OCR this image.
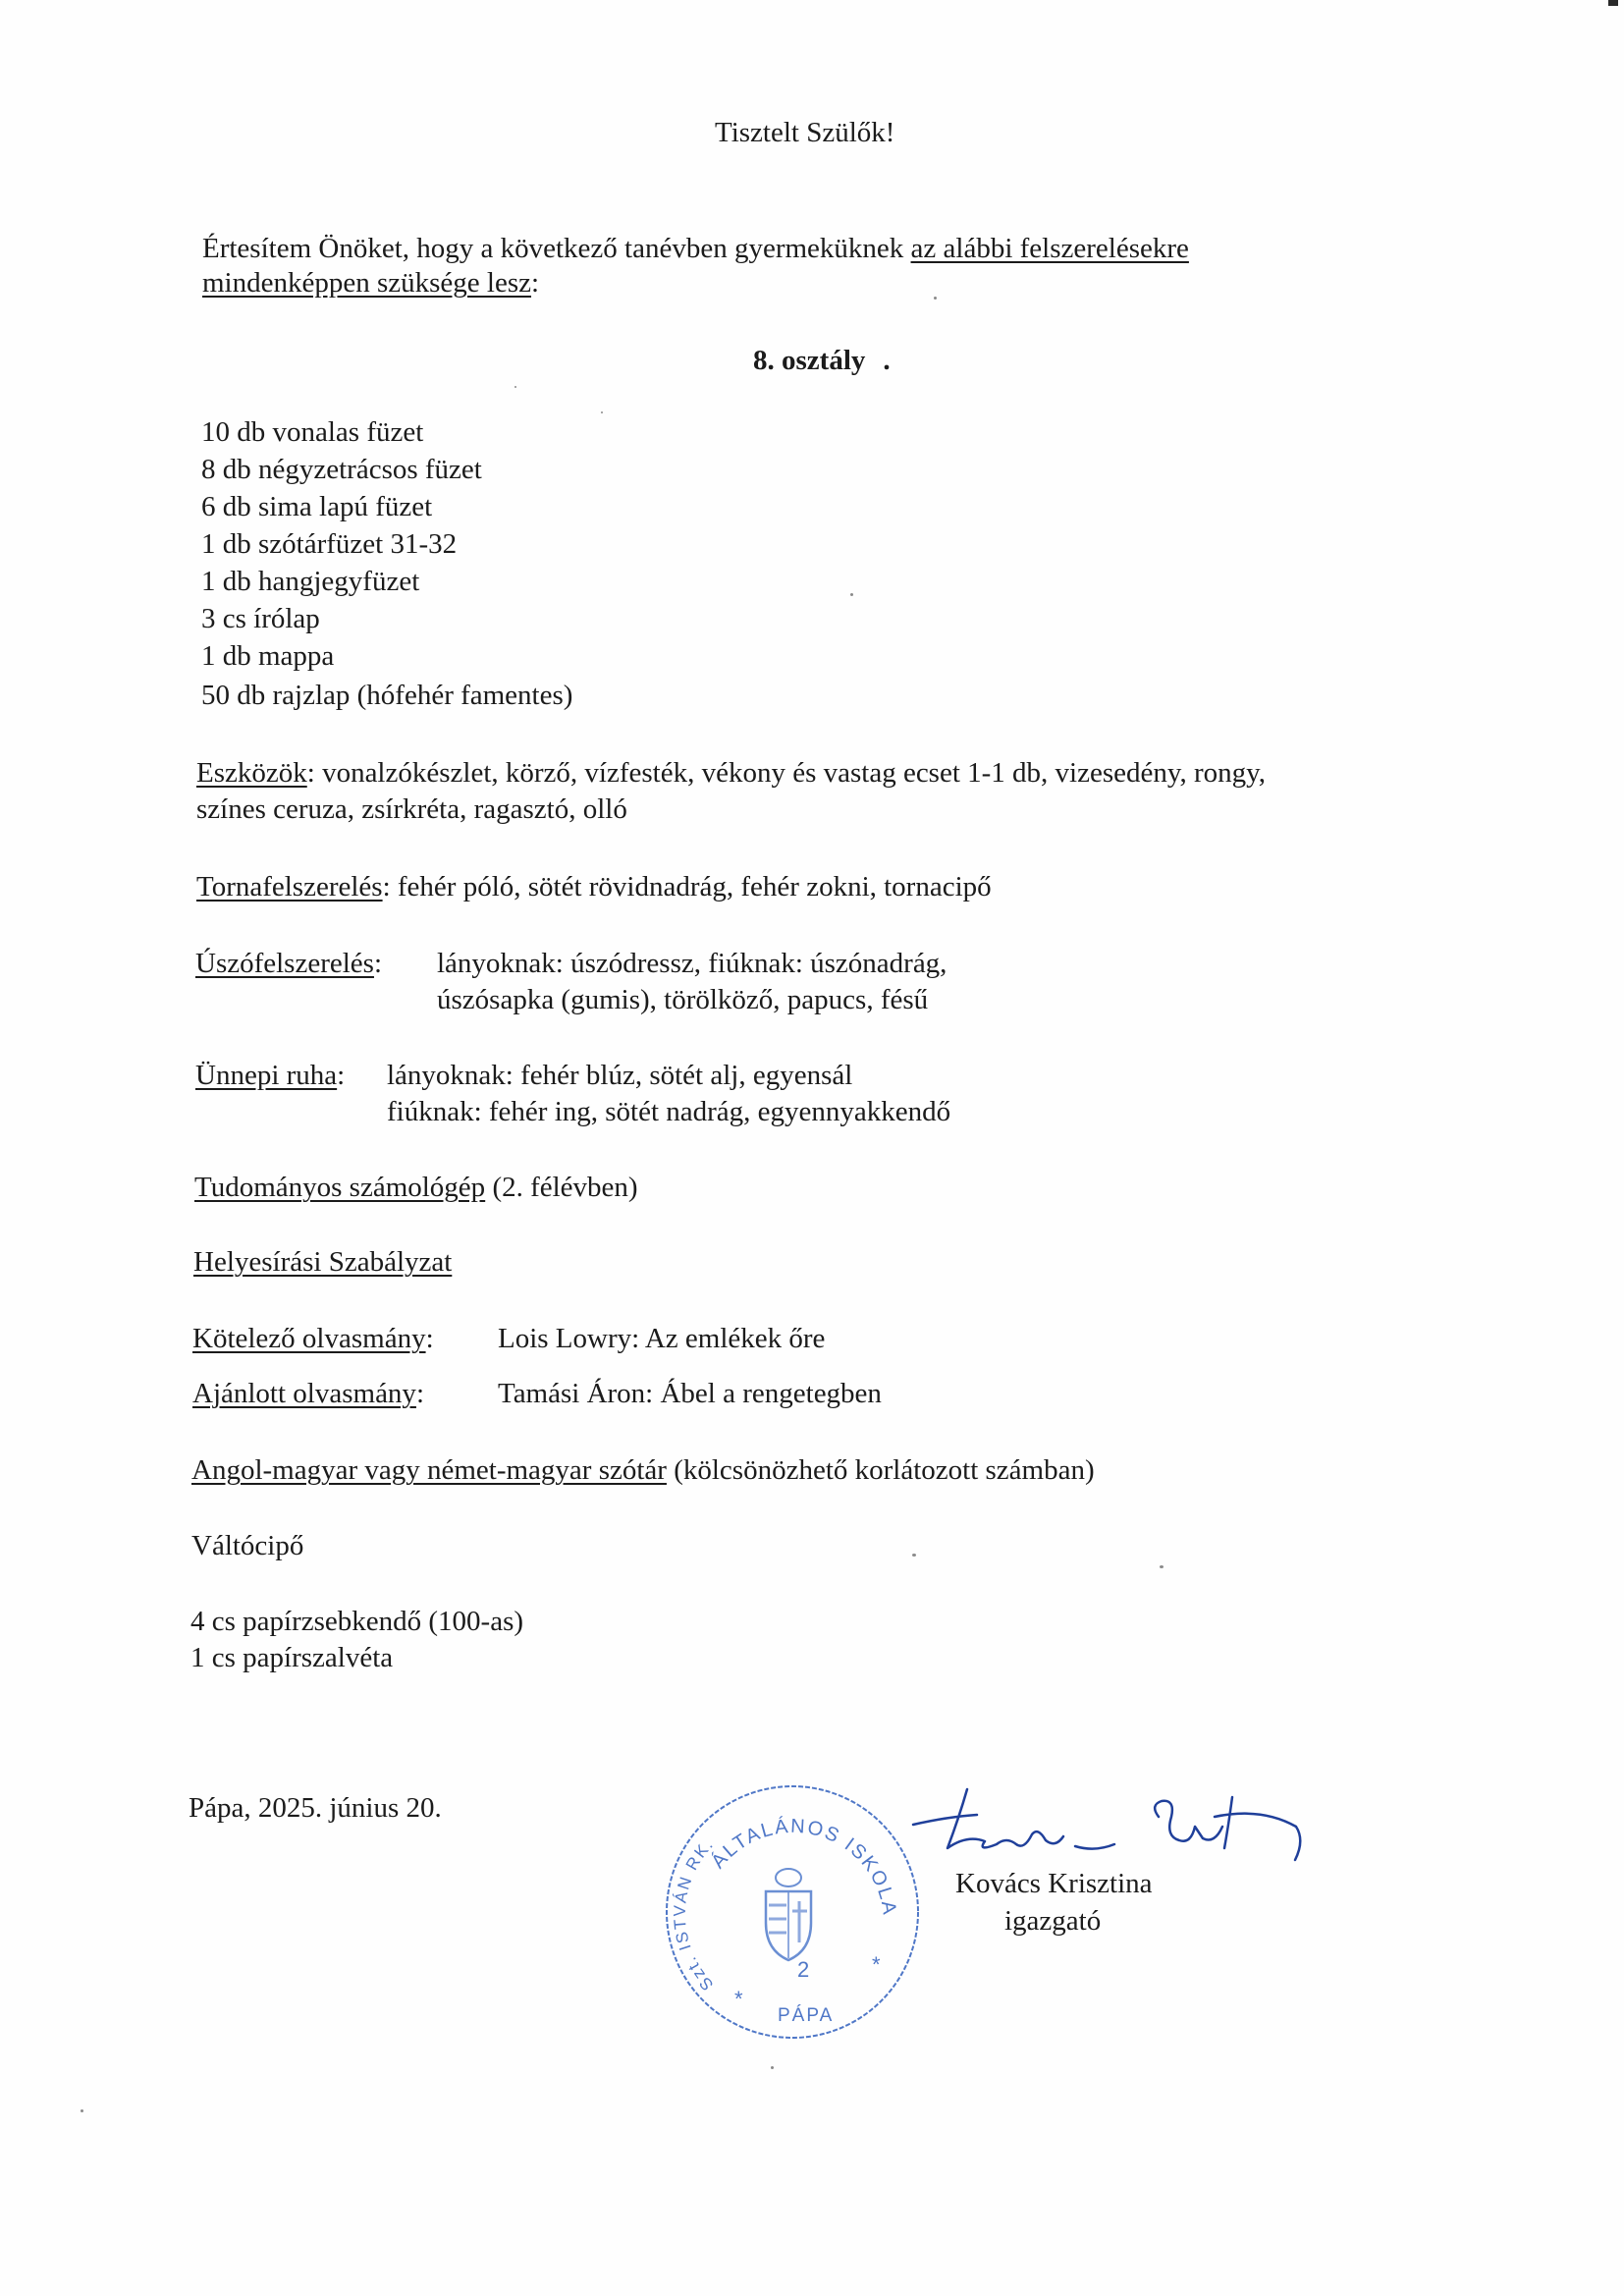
Tisztelt Szülők!
Értesítem Önöket, hogy a következő tanévben gyermeküknek az alábbi felszerelésekre
mindenképpen szüksége lesz:
8. osztály .
10 db vonalas füzet
8 db négyzetrácsos füzet
6 db sima lapú füzet
1 db szótárfüzet 31-32
1 db hangjegyfüzet
3 cs írólap
1 db mappa
50 db rajzlap (hófehér famentes)
Eszközök: vonalzókészlet, körző, vízfesték, vékony és vastag ecset 1-1 db, vizesedény, rongy,
színes ceruza, zsírkréta, ragasztó, olló
Tornafelszerelés: fehér póló, sötét rövidnadrág, fehér zokni, tornacipő
Úszófelszerelés: lányoknak: úszódressz, fiúknak: úszónadrág,
úszósapka (gumis), törölköző, papucs, fésű
Ünnepi ruha: lányoknak: fehér blúz, sötét alj, egyensál
fiúknak: fehér ing, sötét nadrág, egyennyakkendő
Tudományos számológép (2. félévben)
Helyesírási Szabályzat
Kötelező olvasmány: Lois Lowry: Az emlékek őre
Ajánlott olvasmány:	Tamási Áron: Ábel a rengetegben
Angol-magyar vagy német-magyar szótár (kölcsönözhető korlátozott számban)
Váltócipő
4 cs papírzsebkendő (100-as)
1 cs papírszalvéta
Pápa, 2025. június 20.
ÁLTALÁNOS ISKOLA
Szt. ISTVÁN RK.
2
*
*
PÁPA
Kovács Krisztina
igazgató
